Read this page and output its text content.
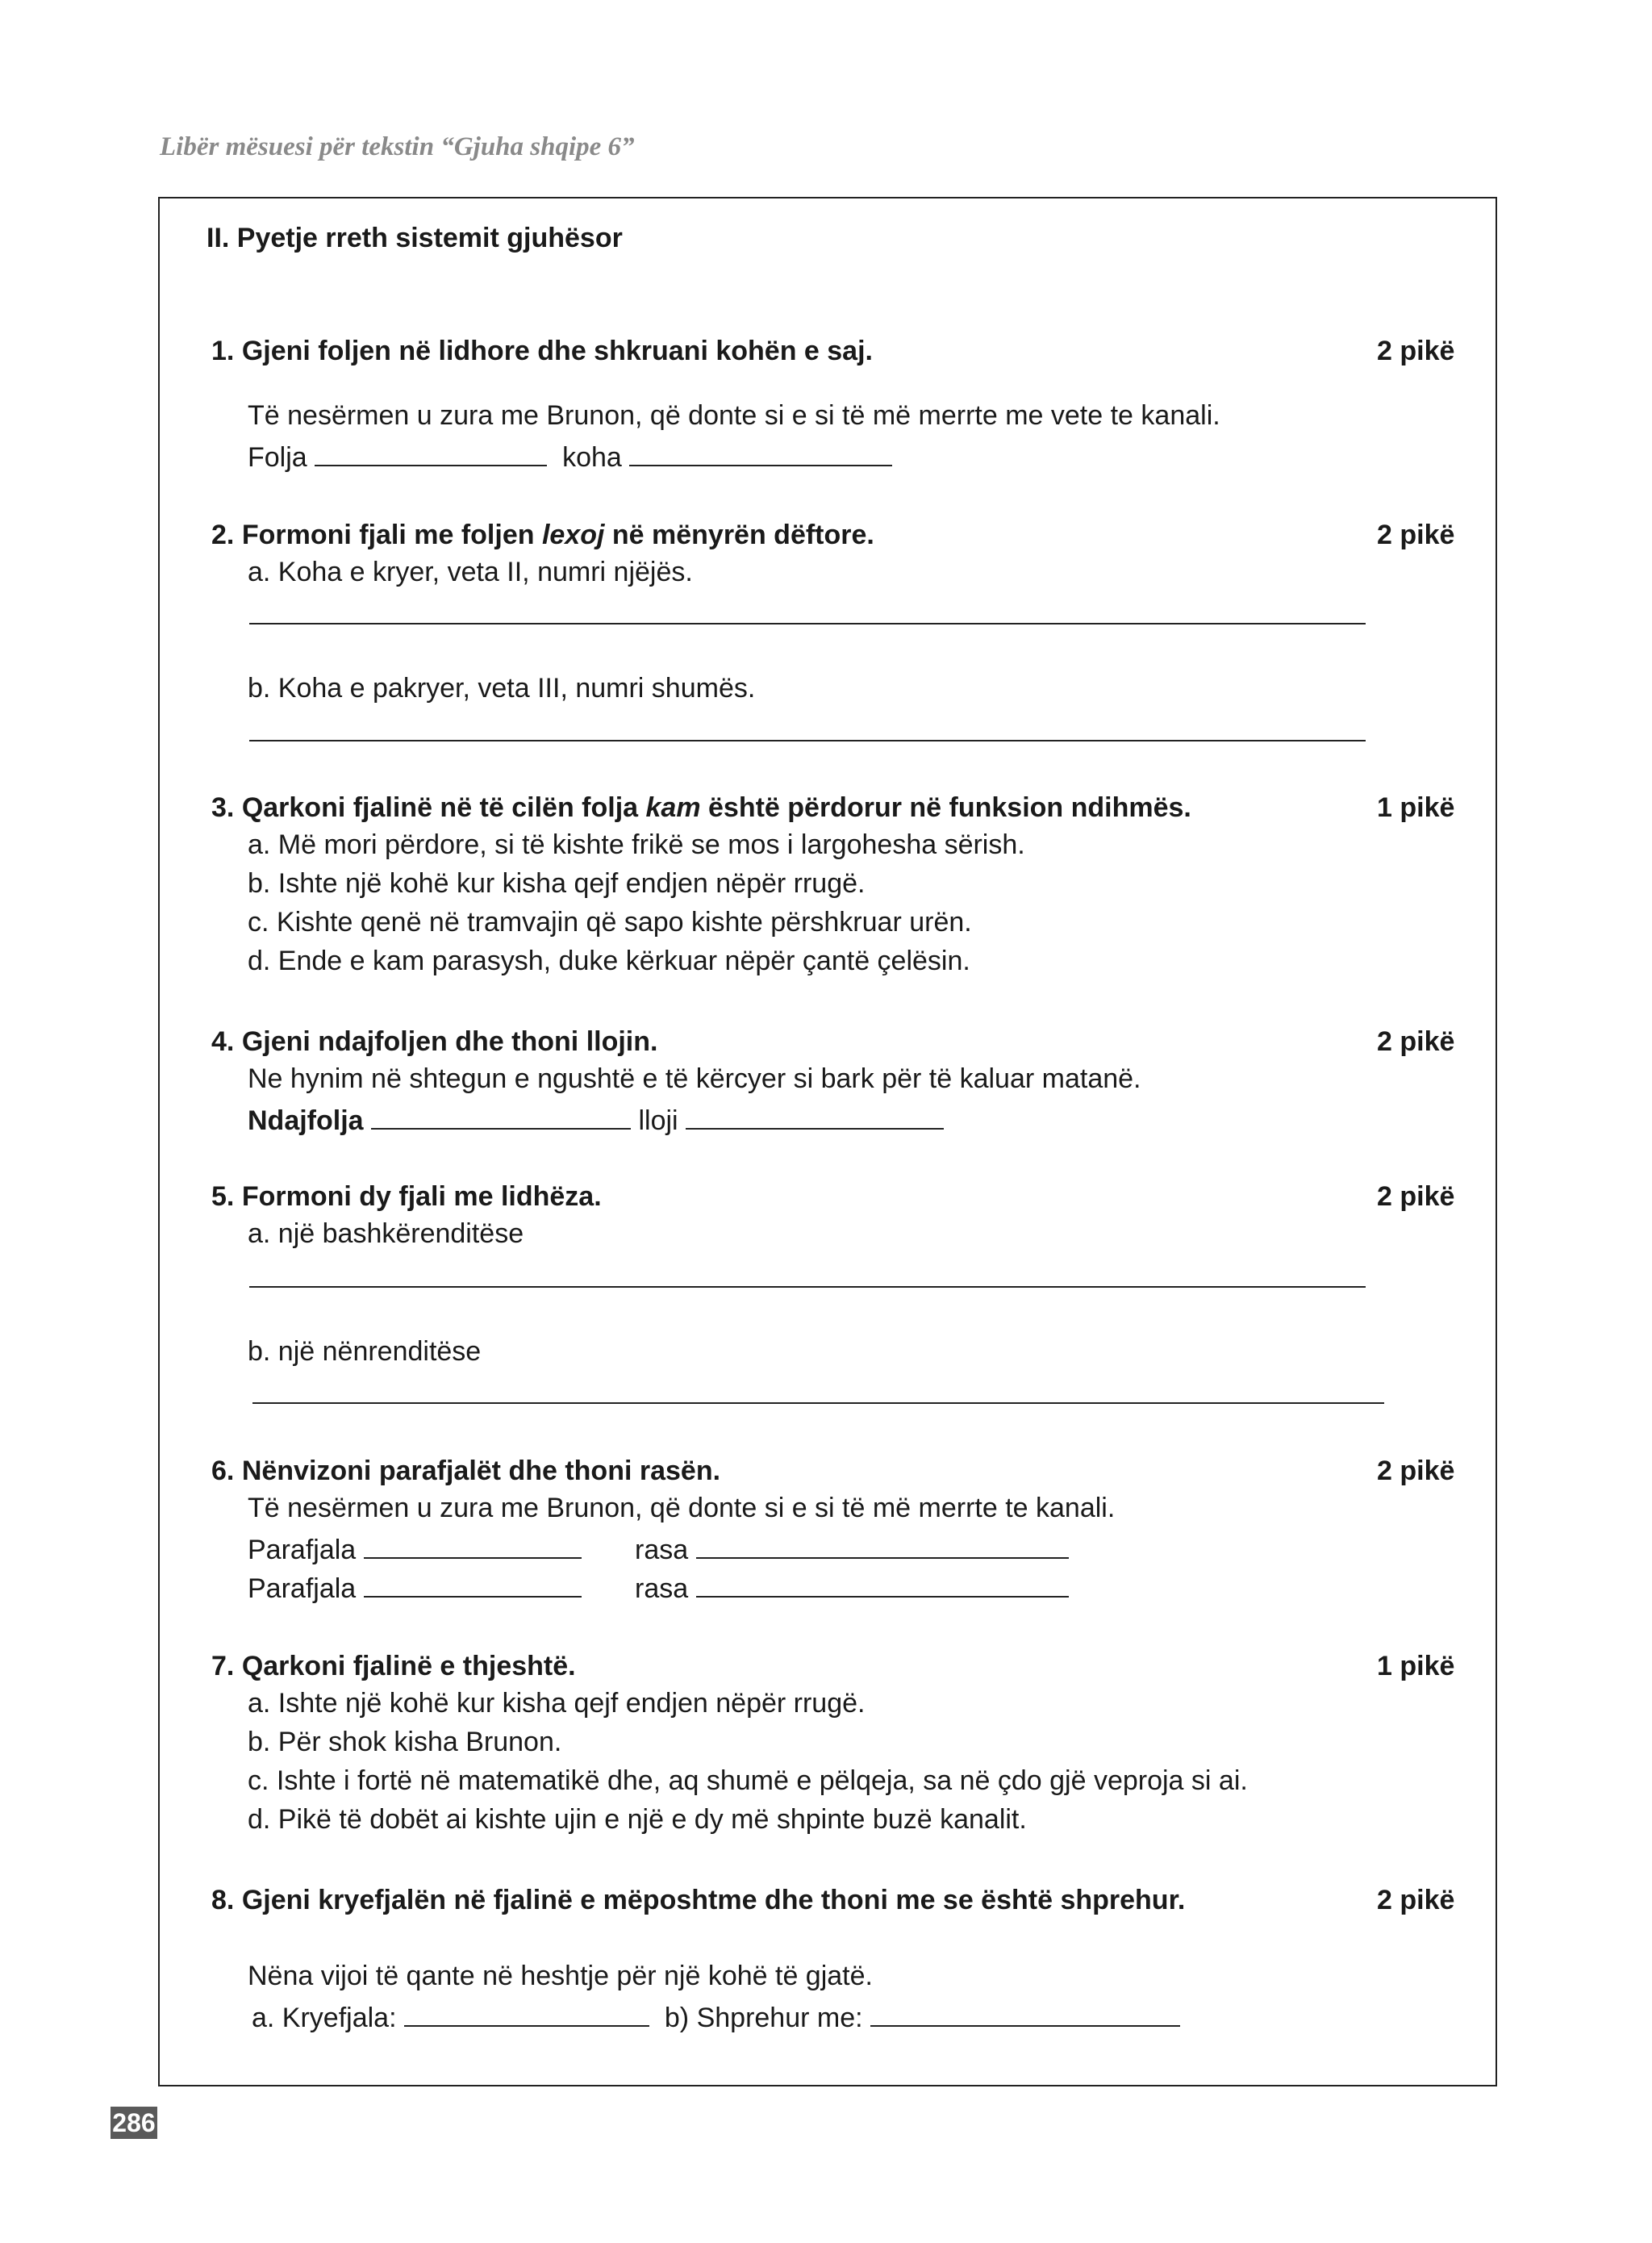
Libër mësuesi për tekstin “Gjuha shqipe 6”
II. Pyetje rreth sistemit gjuhësor
1. Gjeni foljen në lidhore dhe shkruani kohën e saj.	2 pikë
Të nesërmen u zura me Brunon, që donte si e si të më merrte me vete te kanali.
Folja	koha
2. Formoni fjali me foljen lexoj në mënyrën dëftore.	2 pikë
a. Koha e kryer, veta II, numri njëjës.
b. Koha e pakryer, veta III, numri shumës.
3. Qarkoni fjalinë në të cilën folja kam është përdorur në funksion ndihmës.	1 pikë
a. Më mori përdore, si të kishte frikë se mos i largohesha sërish.
b. Ishte një kohë kur kisha qejf endjen nëpër rrugë.
c. Kishte qenë në tramvajin që sapo kishte përshkruar urën.
d. Ende e kam parasysh, duke kërkuar nëpër çantë çelësin.
4. Gjeni ndajfoljen dhe thoni llojin.	2 pikë
Ne hynim në shtegun e ngushtë e të kërcyer si bark për të kaluar matanë.
Ndajfolja	lloji
5. Formoni dy fjali me lidhëza.	2 pikë
a. një bashkërenditëse
b. një nënrenditëse
6. Nënvizoni parafjalët dhe thoni rasën.	2 pikë
Të nesërmen u zura me Brunon, që donte si e si të më merrte te kanali.
Parafjala	rasa
Parafjala	rasa
7. Qarkoni fjalinë e thjeshtë.	1 pikë
a. Ishte një kohë kur kisha qejf endjen nëpër rrugë.
b. Për shok kisha Brunon.
c. Ishte i fortë në matematikë dhe, aq shumë e pëlqeja, sa në çdo gjë veproja si ai.
d. Pikë të dobët ai kishte ujin e një e dy më shpinte buzë kanalit.
8. Gjeni kryefjalën në fjalinë e mëposhtme dhe thoni me se është shprehur.	2 pikë
Nëna vijoi të qante në heshtje për një kohë të gjatë.
a. Kryefjala:	b) Shprehur me:
286
